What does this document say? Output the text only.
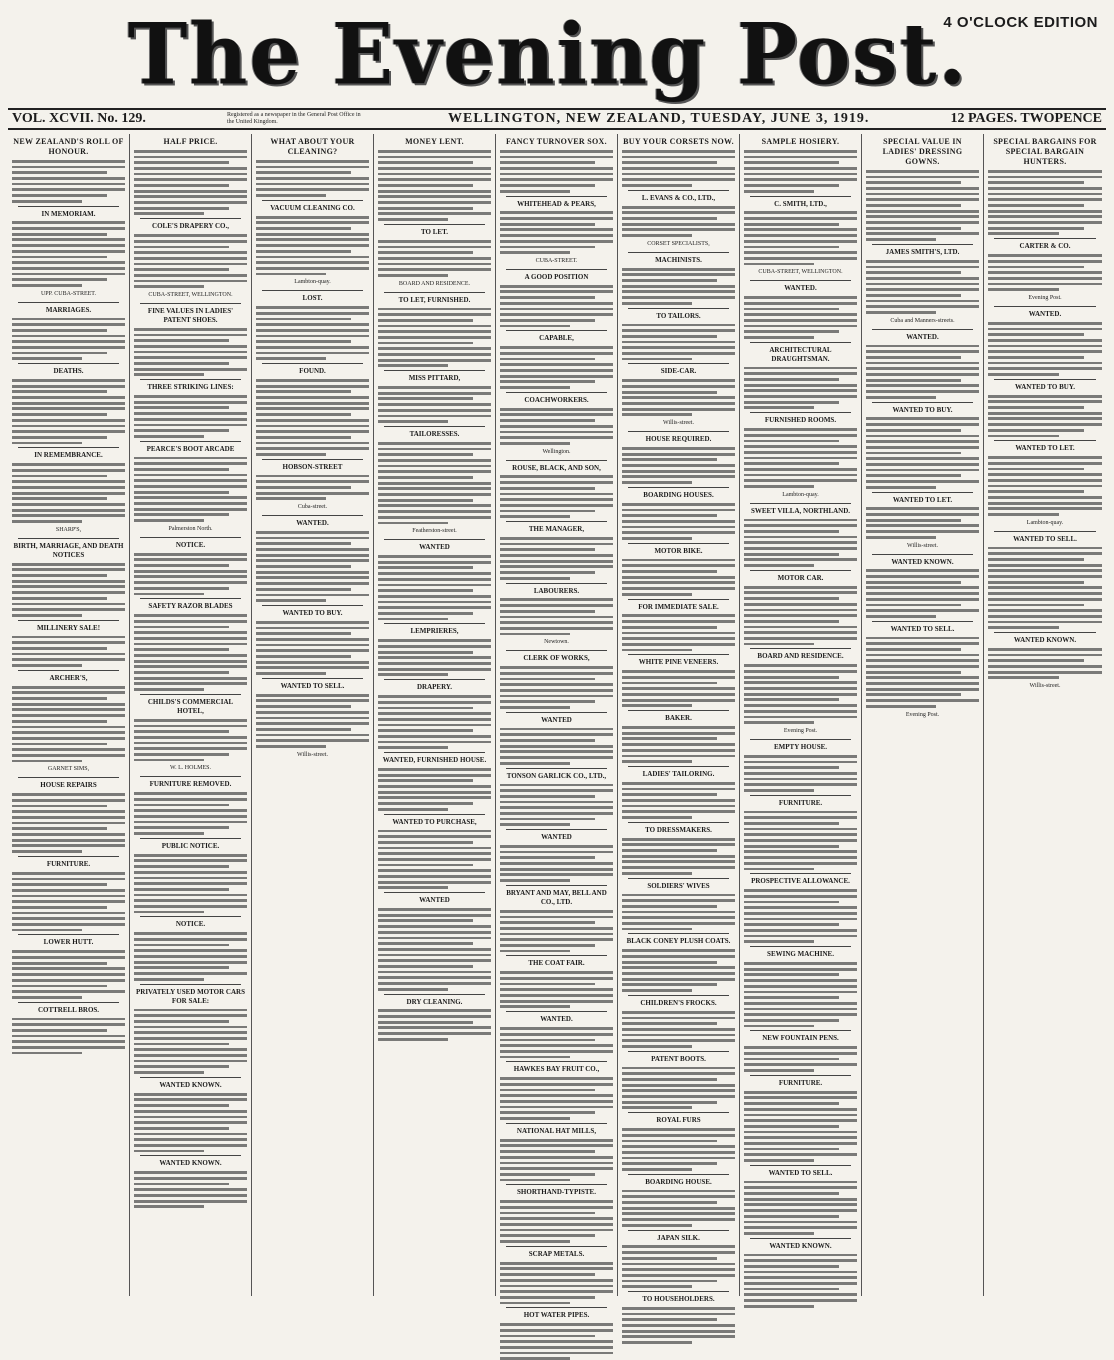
The Evening Post.
4 O'CLOCK EDITION
VOL. XCVII. No. 129.	Registered as a newspaper in the General Post Office in the United Kingdom.	WELLINGTON, NEW ZEALAND, TUESDAY, JUNE 3, 1919.	12 PAGES. TWOPENCE
NEW ZEALAND'S ROLL OF HONOUR.
IN MEMORIAM.
UPP. CUBA-STREET.
MARRIAGES.
DEATHS.
IN REMEMBRANCE.
SHARP'S,
BIRTH, MARRIAGE, AND DEATH NOTICES
MILLINERY SALE!
ARCHER'S,
GARNET SIMS,
HOUSE REPAIRS
FURNITURE.
LOWER HUTT.
COTTRELL BROS.
HALF PRICE.
COLE'S DRAPERY CO.,
CUBA-STREET, WELLINGTON.
FINE VALUES IN LADIES' PATENT SHOES.
THREE STRIKING LINES:
PEARCE'S BOOT ARCADE
Palmerston North.
NOTICE.
SAFETY RAZOR BLADES
CHILDS'S COMMERCIAL HOTEL,
W. L. HOLMES.
FURNITURE REMOVED.
PUBLIC NOTICE.
NOTICE.
PRIVATELY USED MOTOR CARS FOR SALE:
WANTED KNOWN.
WANTED KNOWN.
WHAT ABOUT YOUR CLEANING?
VACUUM CLEANING CO.
Lambton-quay.
LOST.
FOUND.
HOBSON-STREET
Cuba-street.
WANTED.
WANTED TO BUY.
WANTED TO SELL.
Willis-street.
MONEY LENT.
TO LET.
BOARD AND RESIDENCE.
TO LET, FURNISHED.
MISS PITTARD,
TAILORESSES.
Featherston-street.
WANTED
LEMPRIERES,
DRAPERY.
WANTED, FURNISHED HOUSE.
WANTED TO PURCHASE,
WANTED
DRY CLEANING.
FANCY TURNOVER SOX.
WHITEHEAD & PEARS,
CUBA-STREET.
A GOOD POSITION
CAPABLE,
COACHWORKERS.
Wellington.
ROUSE, BLACK, AND SON,
THE MANAGER,
LABOURERS.
Newtown.
CLERK OF WORKS,
WANTED
TONSON GARLICK CO., LTD.,
WANTED
BRYANT AND MAY, BELL AND CO., LTD.
THE COAT FAIR.
WANTED.
HAWKES BAY FRUIT CO.,
NATIONAL HAT MILLS,
SHORTHAND-TYPISTE.
SCRAP METALS.
HOT WATER PIPES.
BUY YOUR CORSETS NOW.
L. EVANS & CO., LTD.,
CORSET SPECIALISTS,
MACHINISTS.
TO TAILORS.
SIDE-CAR.
Willis-street.
HOUSE REQUIRED.
BOARDING HOUSES.
MOTOR BIKE.
FOR IMMEDIATE SALE.
WHITE PINE VENEERS.
BAKER.
LADIES' TAILORING.
TO DRESSMAKERS.
SOLDIERS' WIVES
BLACK CONEY PLUSH COATS.
CHILDREN'S FROCKS.
PATENT BOOTS.
ROYAL FURS
BOARDING HOUSE.
JAPAN SILK.
TO HOUSEHOLDERS.
SAMPLE HOSIERY.
C. SMITH, LTD.,
CUBA-STREET, WELLINGTON.
WANTED.
ARCHITECTURAL DRAUGHTSMAN.
FURNISHED ROOMS.
Lambton-quay.
SWEET VILLA, NORTHLAND.
MOTOR CAR.
BOARD AND RESIDENCE.
Evening Post.
EMPTY HOUSE.
FURNITURE.
PROSPECTIVE ALLOWANCE.
SEWING MACHINE.
NEW FOUNTAIN PENS.
FURNITURE.
WANTED TO SELL.
WANTED KNOWN.
SPECIAL VALUE IN LADIES' DRESSING GOWNS.
JAMES SMITH'S, LTD.
Cuba and Manners-streets.
WANTED.
WANTED TO BUY.
WANTED TO LET.
Willis-street.
WANTED KNOWN.
WANTED TO SELL.
Evening Post.
SPECIAL BARGAINS FOR SPECIAL BARGAIN HUNTERS.
CARTER & CO.
Evening Post.
WANTED.
WANTED TO BUY.
WANTED TO LET.
Lambton-quay.
WANTED TO SELL.
WANTED KNOWN.
Willis-street.
